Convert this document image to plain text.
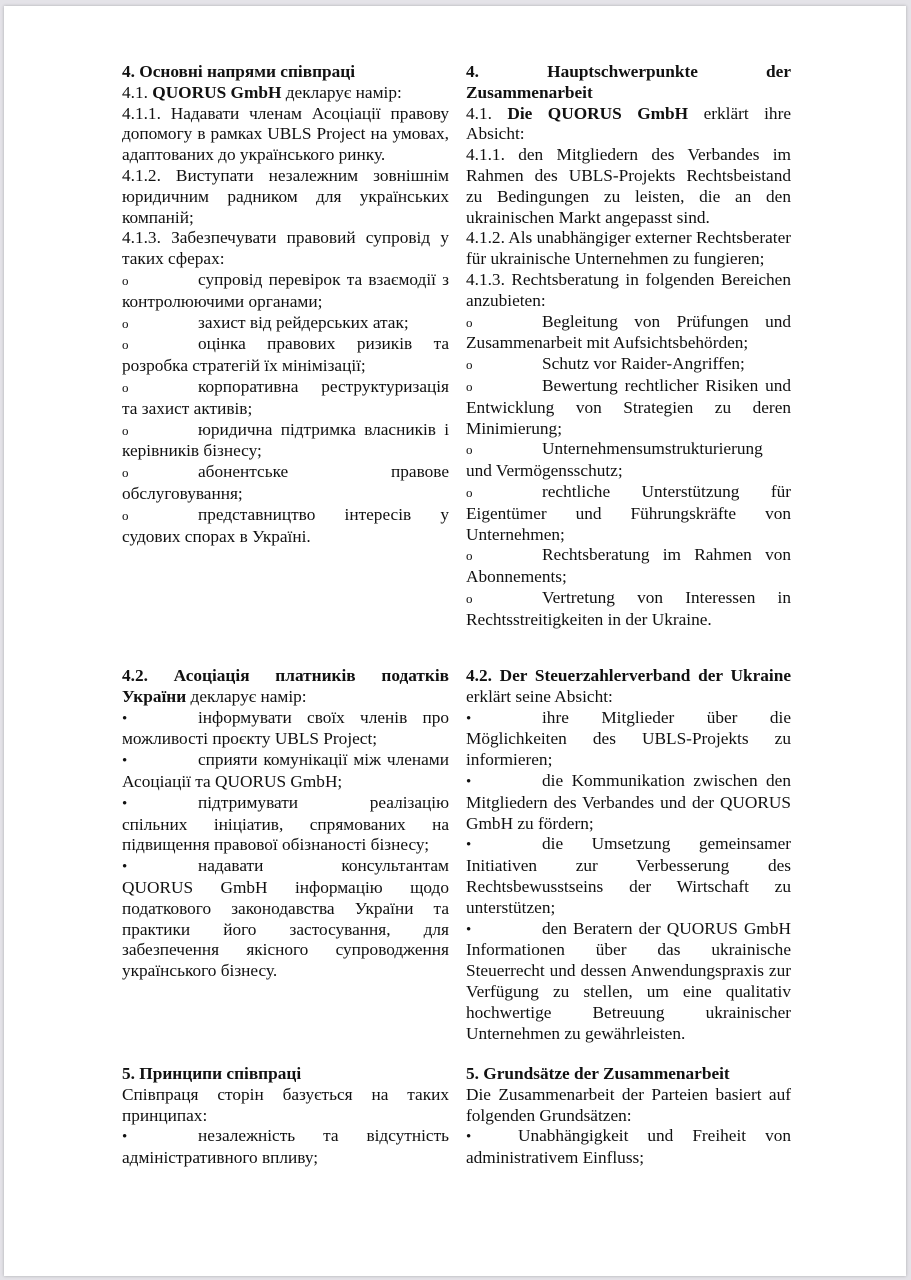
4. Основні напрями співпраці

4.1. QUORUS GmbH декларує намір:

4.1.1. Надавати членам Асоціації правову допомогу в рамках UBLS Project на умовах, адаптованих до українського ринку.

4.1.2. Виступати незалежним зовнішнім юридичним радником для українських компаній;

4.1.3. Забезпечувати правовий супровід у таких сферах:

o	супровід перевірок та взаємодії з контролюючими органами;

o	захист від рейдерських атак;

o	оцінка правових ризиків та розробка стратегій їх мінімізації;

o	корпоративна реструктуризація та захист активів;

o	юридична підтримка власників і керівників бізнесу;

o	абонентське правове обслуговування;

o	представництво інтересів у судових спорах в Україні.

4.2. Асоціація платників податків України декларує намір:

•	інформувати своїх членів про можливості проєкту UBLS Project;

•	сприяти комунікації між членами Асоціації та QUORUS GmbH;

•	підтримувати реалізацію спільних ініціатив, спрямованих на підвищення правової обізнаності бізнесу;

•	надавати консультантам QUORUS GmbH інформацію щодо податкового законодавства України та практики його застосування, для забезпечення якісного супроводження українського бізнесу.

5. Принципи співпраці

Співпраця сторін базується на таких принципах:

•	незалежність та відсутність адміністративного впливу;

4.	Hauptschwerpunkte	der

Zusammenarbeit

4.1. Die QUORUS GmbH erklärt ihre Absicht:

4.1.1. den Mitgliedern des Verbandes im Rahmen des UBLS-Projekts Rechtsbeistand zu Bedingungen zu leisten, die an den ukrainischen Markt angepasst sind.

4.1.2. Als unabhängiger externer Rechtsberater für ukrainische Unternehmen zu fungieren;

4.1.3. Rechtsberatung in folgenden Bereichen anzubieten:

o	Begleitung von Prüfungen und Zusammenarbeit mit Aufsichtsbehörden;

o	Schutz vor Raider-Angriffen;

o	Bewertung rechtlicher Risiken und Entwicklung von Strategien zu deren Minimierung;

o	Unternehmensumstrukturierung und Vermögensschutz;

o	rechtliche Unterstützung für Eigentümer und Führungskräfte von Unternehmen;

o	Rechtsberatung im Rahmen von Abonnements;

o	Vertretung von Interessen in Rechtsstreitigkeiten in der Ukraine.

4.2. Der Steuerzahlerverband der Ukraine erklärt seine Absicht:

•	ihre Mitglieder über die Möglichkeiten des UBLS-Projekts zu informieren;

•	die Kommunikation zwischen den Mitgliedern des Verbandes und der QUORUS GmbH zu fördern;

•	die Umsetzung gemeinsamer Initiativen zur Verbesserung des Rechtsbewusstseins der Wirtschaft zu unterstützen;

•	den Beratern der QUORUS GmbH Informationen über das ukrainische Steuerrecht und dessen Anwendungspraxis zur Verfügung zu stellen, um eine qualitativ hochwertige Betreuung ukrainischer Unternehmen zu gewährleisten.

5. Grundsätze der Zusammenarbeit

Die Zusammenarbeit der Parteien basiert auf folgenden Grundsätzen:

•	Unabhängigkeit und Freiheit von administrativem Einfluss;
